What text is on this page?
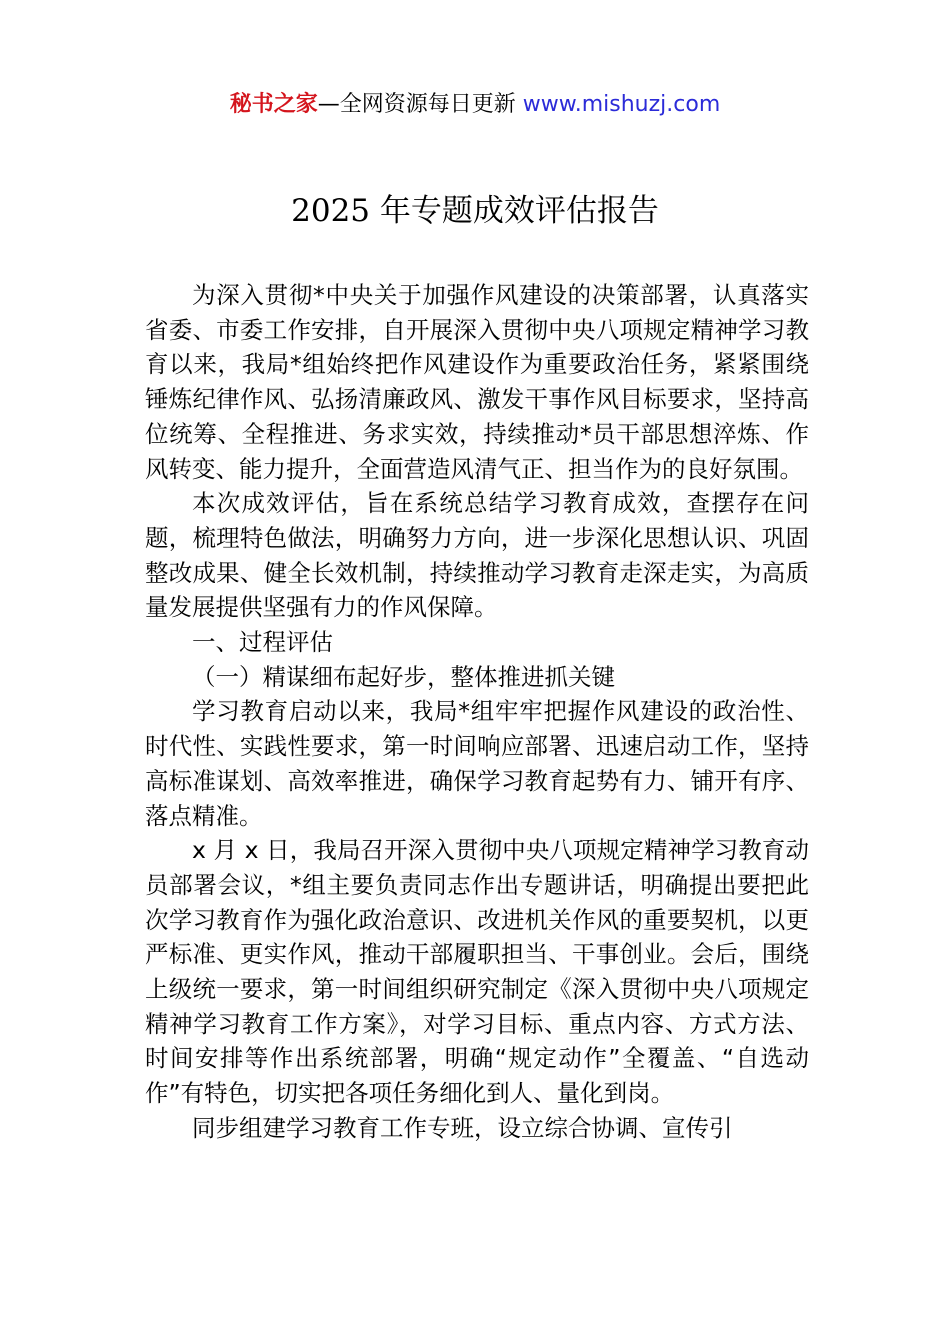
秘书之家—全网资源每日更新 www.mishuzj.com
2025 年专题成效评估报告

为深入贯彻*中央关于加强作风建设的决策部署，认真落实省委、市委工作安排，自开展深入贯彻中央八项规定精神学习教育以来，我局*组始终把作风建设作为重要政治任务，紧紧围绕锤炼纪律作风、弘扬清廉政风、激发干事作风目标要求，坚持高位统筹、全程推进、务求实效，持续推动*员干部思想淬炼、作风转变、能力提升，全面营造风清气正、担当作为的良好氛围。

本次成效评估，旨在系统总结学习教育成效，查摆存在问题，梳理特色做法，明确努力方向，进一步深化思想认识、巩固整改成果、健全长效机制，持续推动学习教育走深走实，为高质量发展提供坚强有力的作风保障。

一、过程评估

（一）精谋细布起好步，整体推进抓关键

学习教育启动以来，我局*组牢牢把握作风建设的政治性、时代性、实践性要求，第一时间响应部署、迅速启动工作，坚持高标准谋划、高效率推进，确保学习教育起势有力、铺开有序、落点精准。

x 月 x 日，我局召开深入贯彻中央八项规定精神学习教育动员部署会议，*组主要负责同志作出专题讲话，明确提出要把此次学习教育作为强化政治意识、改进机关作风的重要契机，以更严标准、更实作风，推动干部履职担当、干事创业。会后，围绕上级统一要求，第一时间组织研究制定《深入贯彻中央八项规定精神学习教育工作方案》，对学习目标、重点内容、方式方法、时间安排等作出系统部署，明确“规定动作”全覆盖、“自选动作”有特色，切实把各项任务细化到人、量化到岗。

同步组建学习教育工作专班，设立综合协调、宣传引
